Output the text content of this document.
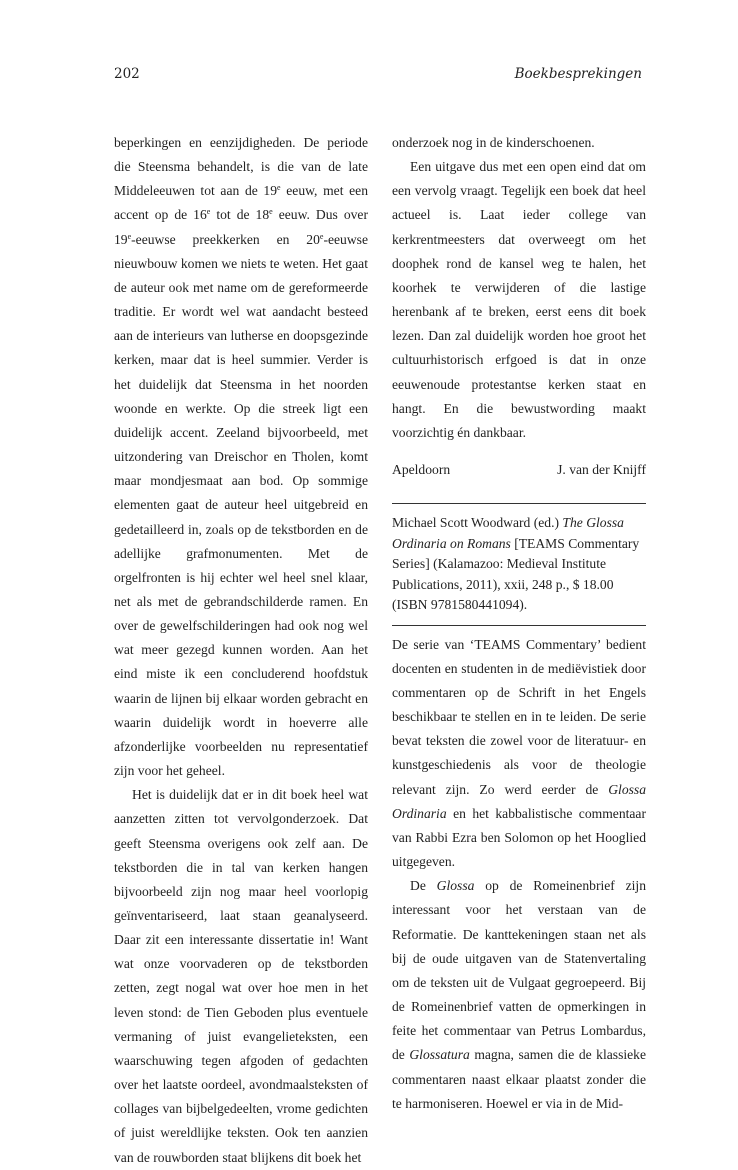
202	Boekbesprekingen

beperkingen en eenzijdigheden. De periode die Steensma behandelt, is die van de late Middeleeuwen tot aan de 19e eeuw, met een accent op de 16e tot de 18e eeuw. Dus over 19e-eeuwse preekkerken en 20e-eeuwse nieuwbouw komen we niets te weten. Het gaat de auteur ook met name om de gereformeerde traditie. Er wordt wel wat aandacht besteed aan de interieurs van lutherse en doopsgezinde kerken, maar dat is heel summier. Verder is het duidelijk dat Steensma in het noorden woonde en werkte. Op die streek ligt een duidelijk accent. Zeeland bijvoorbeeld, met uitzondering van Dreischor en Tholen, komt maar mondjesmaat aan bod. Op sommige elementen gaat de auteur heel uitgebreid en gedetailleerd in, zoals op de tekstborden en de adellijke grafmonumenten. Met de orgelfronten is hij echter wel heel snel klaar, net als met de gebrandschilderde ramen. En over de gewelfschilderingen had ook nog wel wat meer gezegd kunnen worden. Aan het eind miste ik een concluderend hoofdstuk waarin de lijnen bij elkaar worden gebracht en waarin duidelijk wordt in hoeverre alle afzonderlijke voorbeelden nu representatief zijn voor het geheel.

Het is duidelijk dat er in dit boek heel wat aanzetten zitten tot vervolgonderzoek. Dat geeft Steensma overigens ook zelf aan. De tekstborden die in tal van kerken hangen bijvoorbeeld zijn nog maar heel voorlopig geïnventariseerd, laat staan geanalyseerd. Daar zit een interessante dissertatie in! Want wat onze voorvaderen op de tekstborden zetten, zegt nogal wat over hoe men in het leven stond: de Tien Geboden plus eventuele vermaning of juist evangelieteksten, een waarschuwing tegen afgoden of gedachten over het laatste oordeel, avondmaalsteksten of collages van bijbelgedeelten, vrome gedichten of juist wereldlijke teksten. Ook ten aanzien van de rouwborden staat blijkens dit boek het

onderzoek nog in de kinderschoenen.

Een uitgave dus met een open eind dat om een vervolg vraagt. Tegelijk een boek dat heel actueel is. Laat ieder college van kerkrentmeesters dat overweegt om het doophek rond de kansel weg te halen, het koorhek te verwijderen of die lastige herenbank af te breken, eerst eens dit boek lezen. Dan zal duidelijk worden hoe groot het cultuurhistorisch erfgoed is dat in onze eeuwenoude protestantse kerken staat en hangt. En die bewustwording maakt voorzichtig én dankbaar.

Apeldoorn	J. van der Knijff

Michael Scott Woodward (ed.) The Glossa Ordinaria on Romans [TEAMS Commentary Series] (Kalamazoo: Medieval Institute Publications, 2011), xxii, 248 p., $ 18.00 (ISBN 9781580441094).

De serie van ‘TEAMS Commentary’ bedient docenten en studenten in de mediëvistiek door commentaren op de Schrift in het Engels beschikbaar te stellen en in te leiden. De serie bevat teksten die zowel voor de literatuur- en kunstgeschiedenis als voor de theologie relevant zijn. Zo werd eerder de Glossa Ordinaria en het kabbalistische commentaar van Rabbi Ezra ben Solomon op het Hooglied uitgegeven.

De Glossa op de Romeinenbrief zijn interessant voor het verstaan van de Reformatie. De kanttekeningen staan net als bij de oude uitgaven van de Statenvertaling om de teksten uit de Vulgaat gegroepeerd. Bij de Romeinenbrief vatten de opmerkingen in feite het commentaar van Petrus Lombardus, de Glossatura magna, samen die de klassieke commentaren naast elkaar plaatst zonder die te harmoniseren. Hoewel er via in de Mid-
